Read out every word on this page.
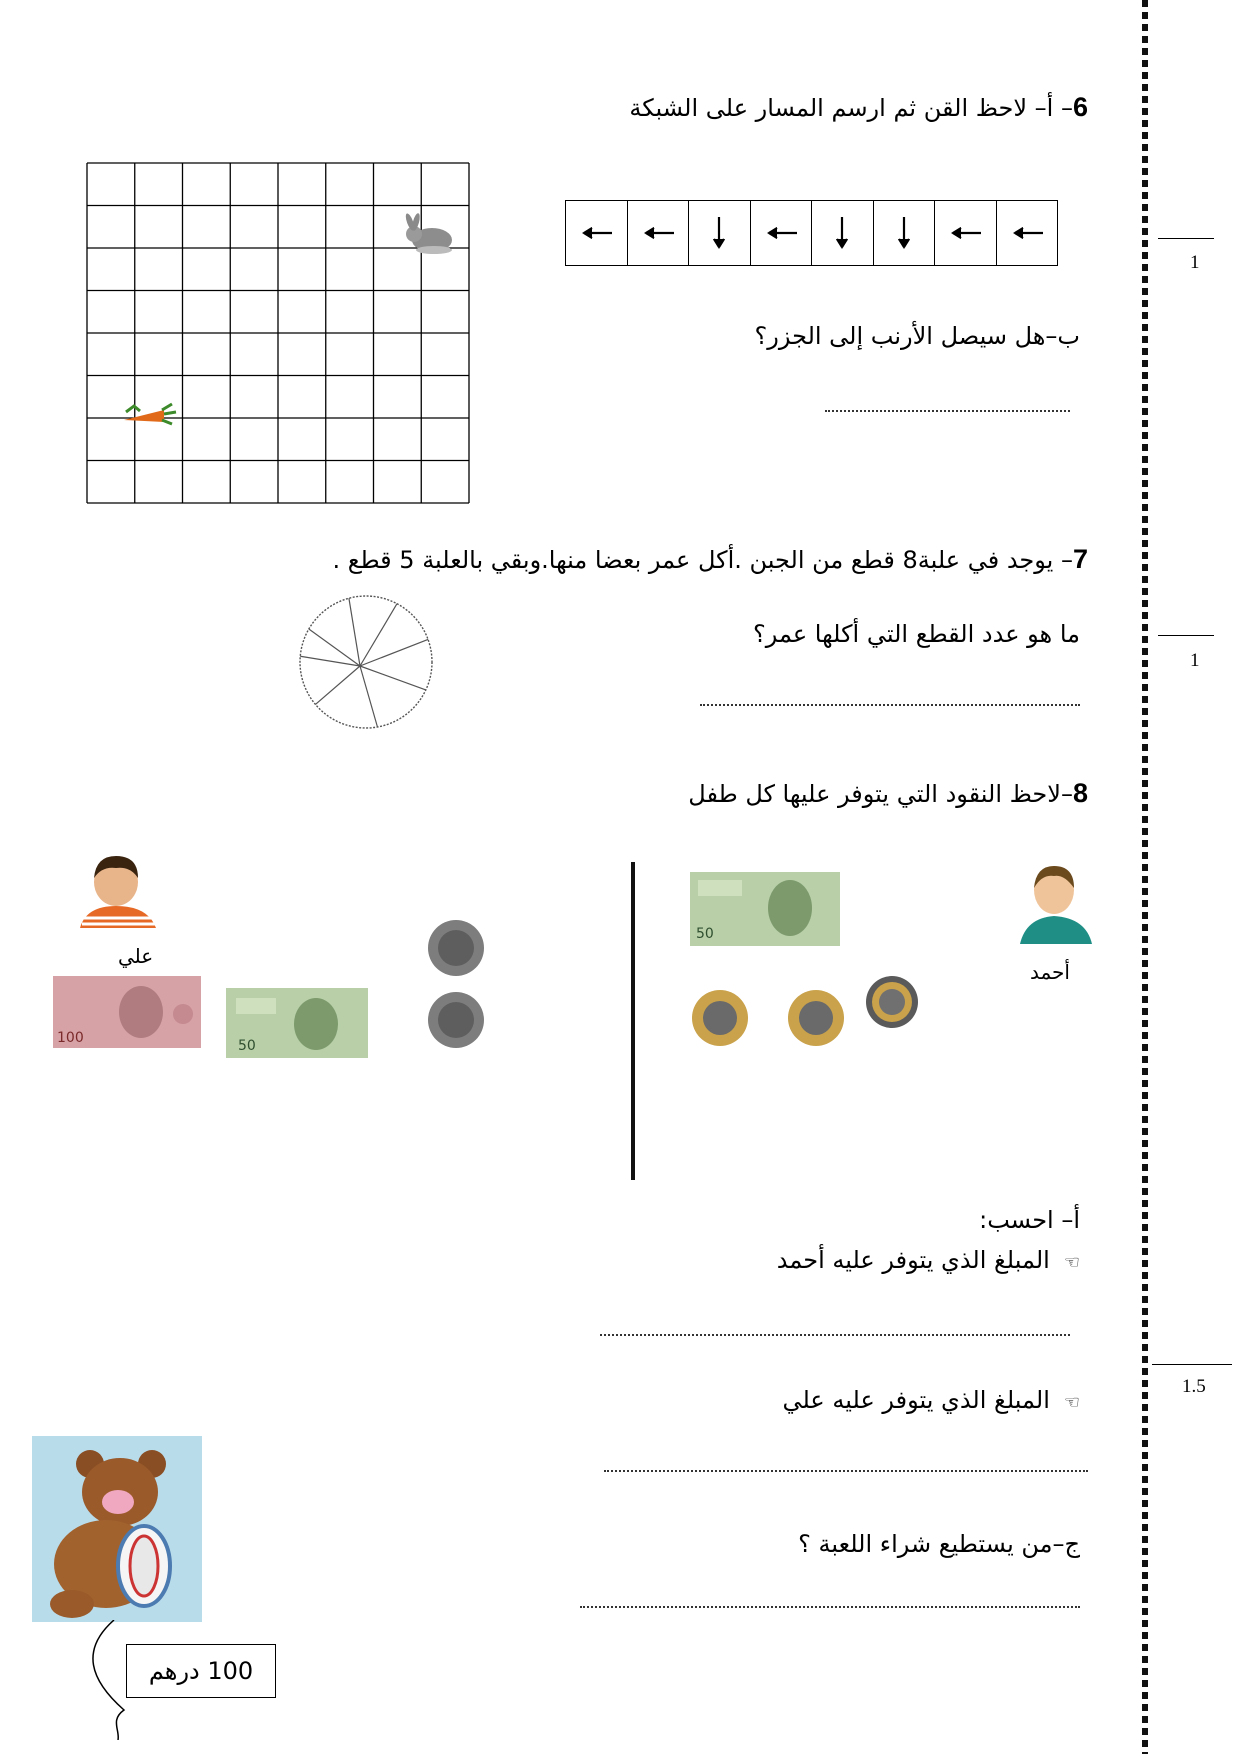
1
1
1.5
6– أ– لاحظ القن ثم ارسم المسار على الشبكة
ب–هل سيصل الأرنب إلى الجزر؟
7– يوجد في علبة8 قطع من الجبن .أكل عمر بعضا منها.وبقي بالعلبة 5 قطع .
ما هو عدد القطع التي أكلها عمر؟
8–لاحظ النقود التي يتوفر عليها كل طفل
علي
100	50
50
أحمد
أ– احسب:
☜المبلغ الذي يتوفر عليه أحمد
☜المبلغ الذي يتوفر عليه علي
ج–من يستطيع شراء اللعبة ؟
100 درهم
